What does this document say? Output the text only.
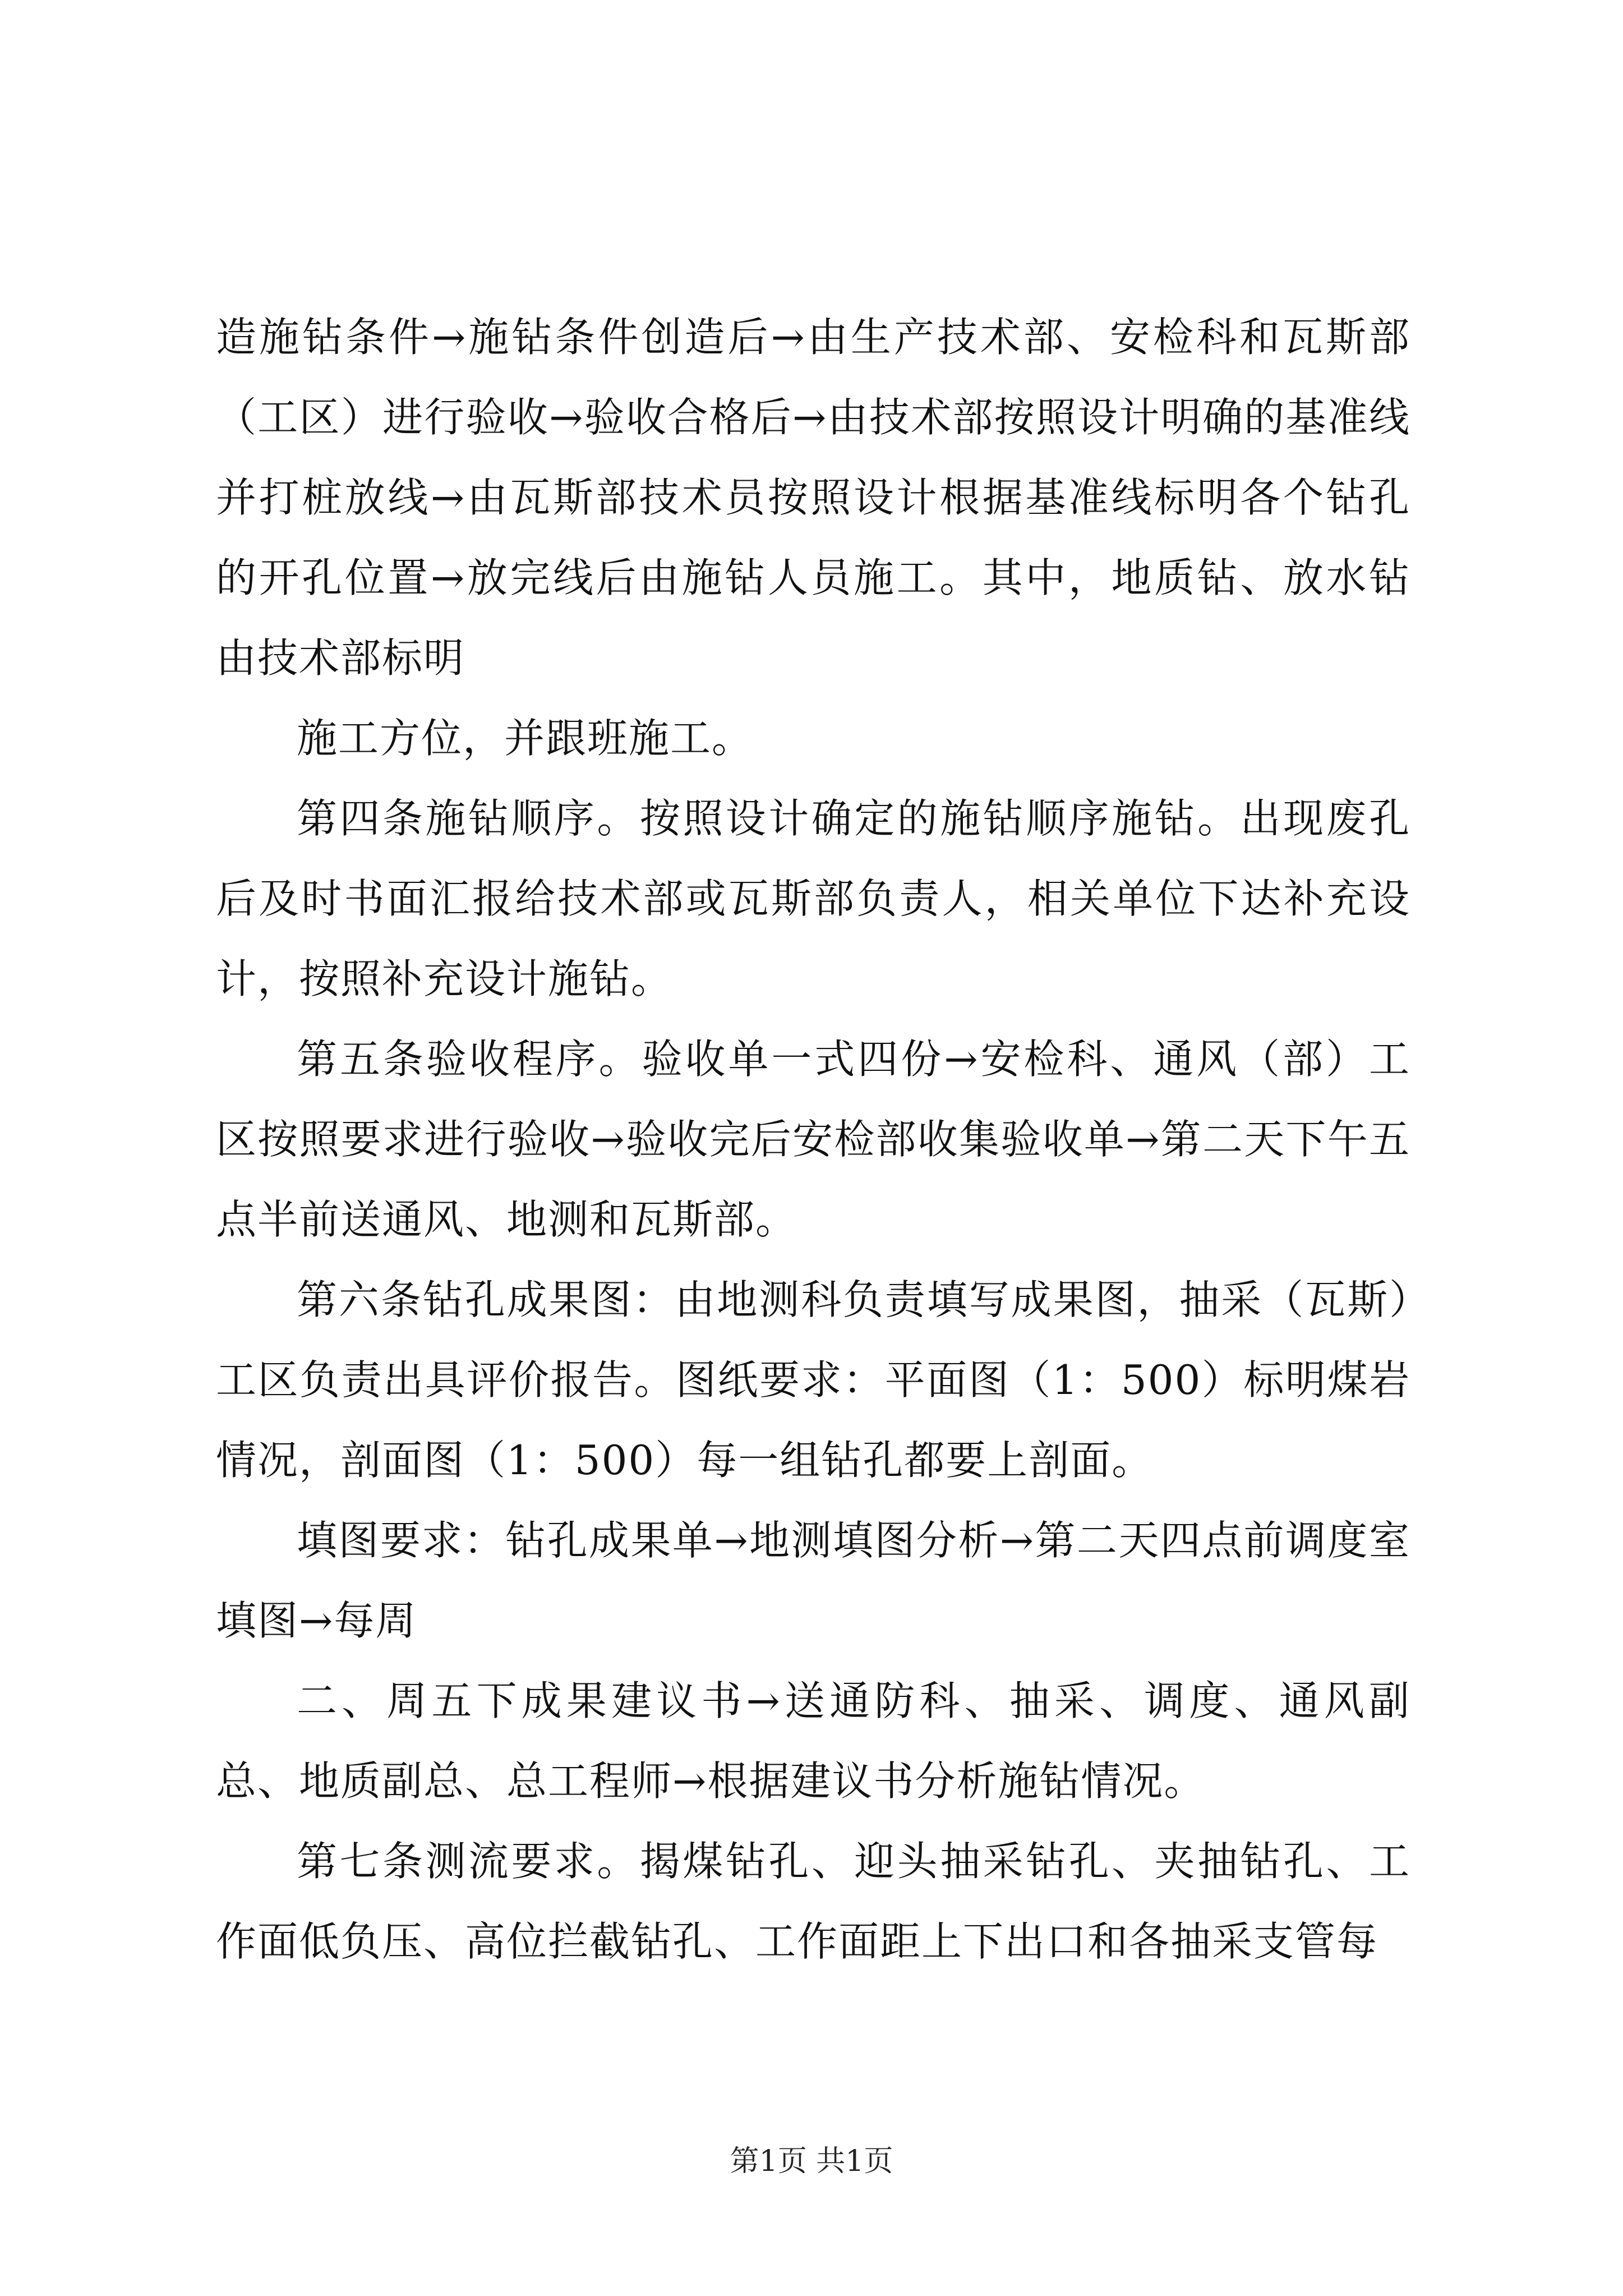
造施钻条件→施钻条件创造后→由生产技术部、安检科和瓦斯部（工区）进行验收→验收合格后→由技术部按照设计明确的基准线并打桩放线→由瓦斯部技术员按照设计根据基准线标明各个钻孔的开孔位置→放完线后由施钻人员施工。其中，地质钻、放水钻由技术部标明

施工方位，并跟班施工。

第四条施钻顺序。按照设计确定的施钻顺序施钻。出现废孔后及时书面汇报给技术部或瓦斯部负责人，相关单位下达补充设计，按照补充设计施钻。

第五条验收程序。验收单一式四份→安检科、通风（部）工区按照要求进行验收→验收完后安检部收集验收单→第二天下午五点半前送通风、地测和瓦斯部。

第六条钻孔成果图：由地测科负责填写成果图，抽采（瓦斯）工区负责出具评价报告。图纸要求：平面图（1：500）标明煤岩情况，剖面图（1：500）每一组钻孔都要上剖面。

填图要求：钻孔成果单→地测填图分析→第二天四点前调度室填图→每周

二、周五下成果建议书→送通防科、抽采、调度、通风副总、地质副总、总工程师→根据建议书分析施钻情况。

第七条测流要求。揭煤钻孔、迎头抽采钻孔、夹抽钻孔、工作面低负压、高位拦截钻孔、工作面距上下出口和各抽采支管每

第1页 共1页
